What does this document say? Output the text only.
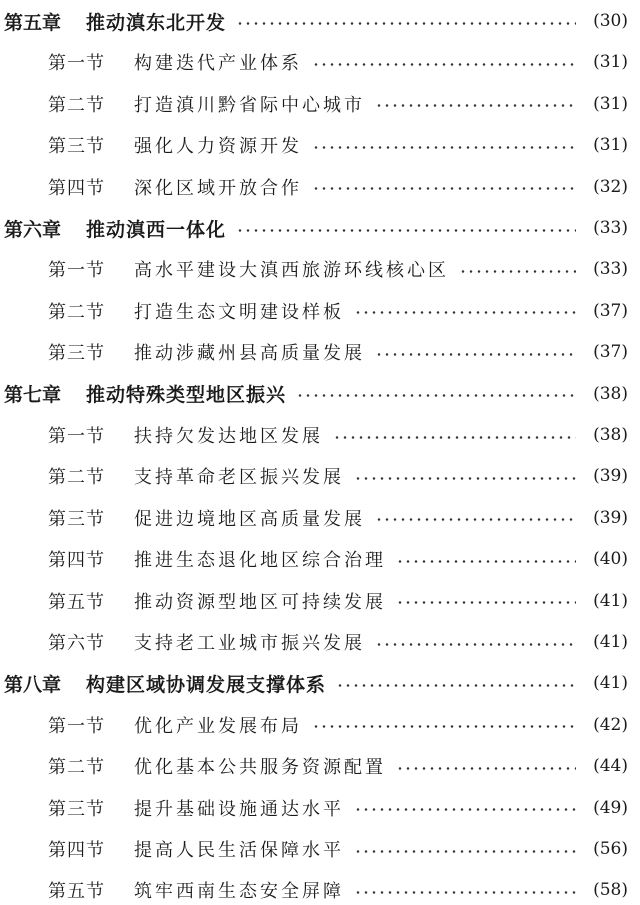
第五章	推动滇东北开发	(30)
第一节	构建迭代产业体系	(31)
第二节	打造滇川黔省际中心城市	(31)
第三节	强化人力资源开发	(31)
第四节	深化区域开放合作	(32)
第六章	推动滇西一体化	(33)
第一节	高水平建设大滇西旅游环线核心区	(33)
第二节	打造生态文明建设样板	(37)
第三节	推动涉藏州县高质量发展	(37)
第七章	推动特殊类型地区振兴	(38)
第一节	扶持欠发达地区发展	(38)
第二节	支持革命老区振兴发展	(39)
第三节	促进边境地区高质量发展	(39)
第四节	推进生态退化地区综合治理	(40)
第五节	推动资源型地区可持续发展	(41)
第六节	支持老工业城市振兴发展	(41)
第八章	构建区域协调发展支撑体系	(41)
第一节	优化产业发展布局	(42)
第二节	优化基本公共服务资源配置	(44)
第三节	提升基础设施通达水平	(49)
第四节	提高人民生活保障水平	(56)
第五节	筑牢西南生态安全屏障	(58)
